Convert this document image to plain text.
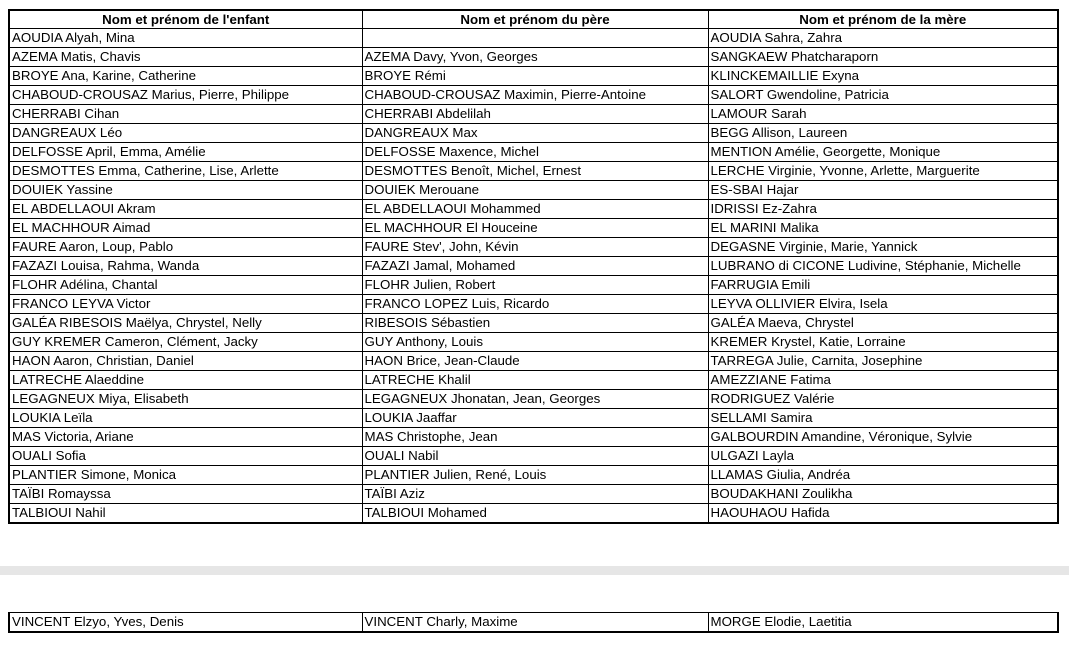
Nom et prénom de l'enfant	Nom et prénom du père	Nom et prénom de la mère
AOUDIA Alyah, Mina		AOUDIA Sahra, Zahra
AZEMA Matis, Chavis	AZEMA Davy, Yvon, Georges	SANGKAEW Phatcharaporn
BROYE Ana, Karine, Catherine	BROYE Rémi	KLINCKEMAILLIE Exyna
CHABOUD-CROUSAZ Marius, Pierre, Philippe	CHABOUD-CROUSAZ Maximin, Pierre-Antoine	SALORT Gwendoline, Patricia
CHERRABI Cihan	CHERRABI Abdelilah	LAMOUR Sarah
DANGREAUX Léo	DANGREAUX Max	BEGG Allison, Laureen
DELFOSSE April, Emma, Amélie	DELFOSSE Maxence, Michel	MENTION Amélie, Georgette, Monique
DESMOTTES Emma, Catherine, Lise, Arlette	DESMOTTES Benoît, Michel, Ernest	LERCHE Virginie, Yvonne, Arlette, Marguerite
DOUIEK Yassine	DOUIEK Merouane	ES-SBAI Hajar
EL ABDELLAOUI Akram	EL ABDELLAOUI Mohammed	IDRISSI Ez-Zahra
EL MACHHOUR Aimad	EL MACHHOUR El Houceine	EL MARINI Malika
FAURE Aaron, Loup, Pablo	FAURE Stev', John, Kévin	DEGASNE Virginie, Marie, Yannick
FAZAZI Louisa, Rahma, Wanda	FAZAZI Jamal, Mohamed	LUBRANO di CICONE Ludivine, Stéphanie, Michelle
FLOHR Adélina, Chantal	FLOHR Julien, Robert	FARRUGIA Emili
FRANCO LEYVA Victor	FRANCO LOPEZ Luis, Ricardo	LEYVA OLLIVIER Elvira, Isela
GALÉA RIBESOIS Maëlya, Chrystel, Nelly	RIBESOIS Sébastien	GALÉA Maeva, Chrystel
GUY KREMER Cameron, Clément, Jacky	GUY Anthony, Louis	KREMER Krystel, Katie, Lorraine
HAON Aaron, Christian, Daniel	HAON Brice, Jean-Claude	TARREGA Julie, Carnita, Josephine
LATRECHE Alaeddine	LATRECHE Khalil	AMEZZIANE Fatima
LEGAGNEUX Miya, Elisabeth	LEGAGNEUX Jhonatan, Jean, Georges	RODRIGUEZ Valérie
LOUKIA Leïla	LOUKIA Jaaffar	SELLAMI Samira
MAS Victoria, Ariane	MAS Christophe, Jean	GALBOURDIN Amandine, Véronique, Sylvie
OUALI Sofia	OUALI Nabil	ULGAZI Layla
PLANTIER Simone, Monica	PLANTIER Julien, René, Louis	LLAMAS Giulia, Andréa
TAÏBI Romayssa	TAÏBI Aziz	BOUDAKHANI Zoulikha
TALBIOUI Nahil	TALBIOUI Mohamed	HAOUHAOU Hafida
VINCENT Elzyo, Yves, Denis	VINCENT Charly, Maxime	MORGE Elodie, Laetitia
